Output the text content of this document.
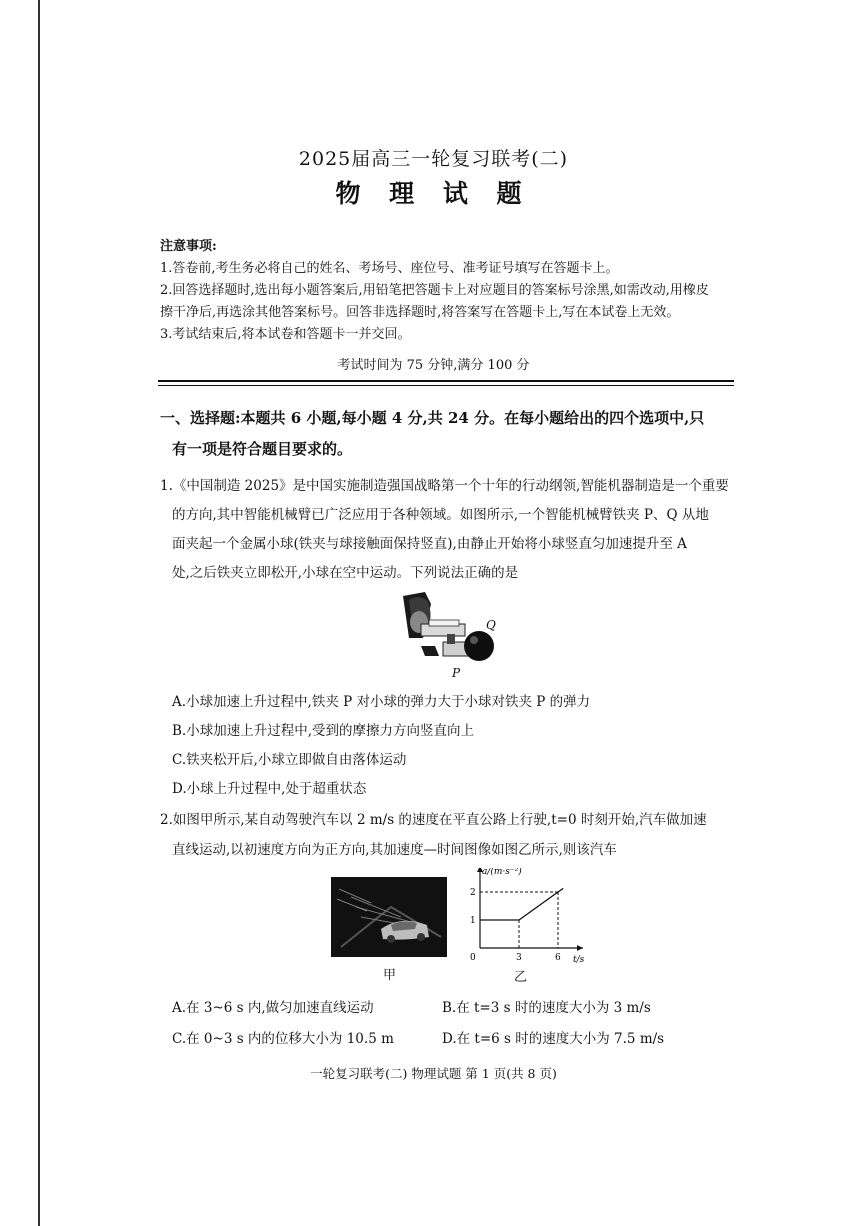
2025届高三一轮复习联考(二)
物 理 试 题

注意事项:

1.答卷前,考生务必将自己的姓名、考场号、座位号、准考证号填写在答题卡上。

2.回答选择题时,选出每小题答案后,用铅笔把答题卡上对应题目的答案标号涂黑,如需改动,用橡皮

擦干净后,再选涂其他答案标号。回答非选择题时,将答案写在答题卡上,写在本试卷上无效。

3.考试结束后,将本试卷和答题卡一并交回。

考试时间为 75 分钟,满分 100 分
一、选择题:本题共 6 小题,每小题 4 分,共 24 分。在每小题给出的四个选项中,只
有一项是符合题目要求的。
1.《中国制造 2025》是中国实施制造强国战略第一个十年的行动纲领,智能机器制造是一个重要
的方向,其中智能机械臂已广泛应用于各种领域。如图所示,一个智能机械臂铁夹 P、Q 从地
面夹起一个金属小球(铁夹与球接触面保持竖直),由静止开始将小球竖直匀加速提升至 A
处,之后铁夹立即松开,小球在空中运动。下列说法正确的是
Q
P
A.小球加速上升过程中,铁夹 P 对小球的弹力大于小球对铁夹 P 的弹力
B.小球加速上升过程中,受到的摩擦力方向竖直向上
C.铁夹松开后,小球立即做自由落体运动
D.小球上升过程中,处于超重状态
2.如图甲所示,某自动驾驶汽车以 2 m/s 的速度在平直公路上行驶,t=0 时刻开始,汽车做加速
直线运动,以初速度方向为正方向,其加速度—时间图像如图乙所示,则该汽车
甲
a/(m·s⁻²)
t/s
0	3	6
1
2
乙
A.在 3~6 s 内,做匀加速直线运动	B.在 t=3 s 时的速度大小为 3 m/s
C.在 0~3 s 内的位移大小为 10.5 m	D.在 t=6 s 时的速度大小为 7.5 m/s
一轮复习联考(二) 物理试题 第 1 页(共 8 页)
